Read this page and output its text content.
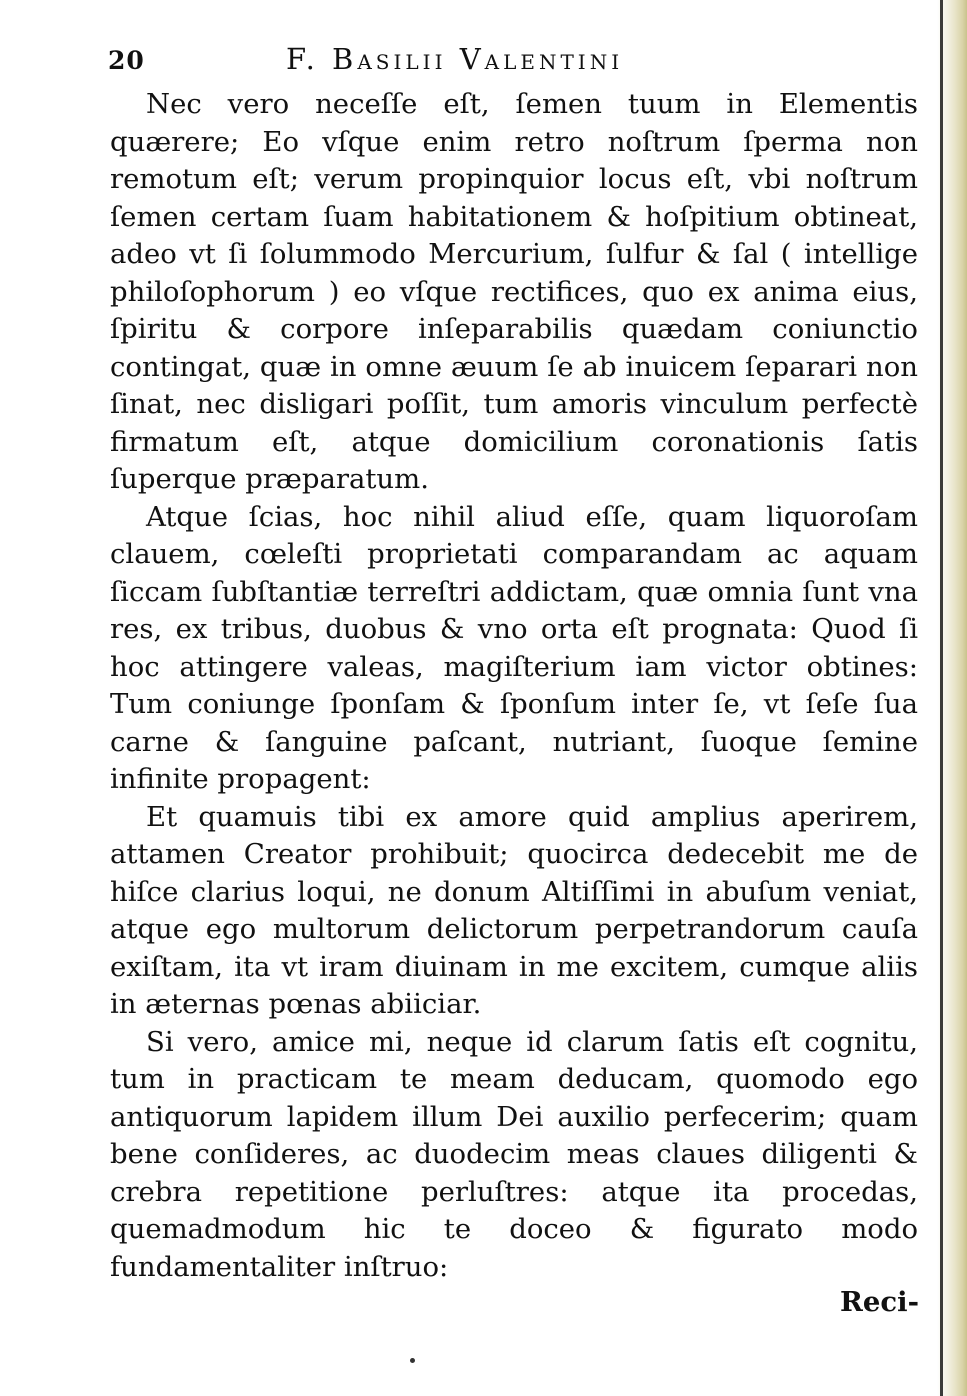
20	F. Basilii Valentini

Nec vero neceſſe eſt, ſemen tuum in Elementis quærere; Eo vſque enim retro noſtrum ſperma non remotum eſt; verum propinquior locus eſt, vbi noſtrum ſemen certam ſuam habitationem & hoſpitium obtineat, adeo vt ſi ſolummodo Mercurium, ſulfur & ſal ( intellige philoſophorum ) eo vſque rectifices, quo ex anima eius, ſpiritu & corpore inſeparabilis quædam coniunctio contingat, quæ in omne æuum ſe ab inuicem ſeparari non ſinat, nec disligari poſſit, tum amoris vinculum perfectè firmatum eſt, atque domicilium coronationis ſatis ſuperque præparatum.

Atque ſcias, hoc nihil aliud eſſe, quam liquoroſam clauem, cœleſti proprietati comparandam ac aquam ſiccam ſubſtantiæ terreſtri addictam, quæ omnia ſunt vna res, ex tribus, duobus & vno orta eſt prognata: Quod ſi hoc attingere valeas, magiſterium iam victor obtines: Tum coniunge ſponſam & ſponſum inter ſe, vt ſeſe ſua carne & ſanguine paſcant, nutriant, ſuoque ſemine infinite propagent:

Et quamuis tibi ex amore quid amplius aperirem, attamen Creator prohibuit; quocirca dedecebit me de hiſce clarius loqui, ne donum Altiſſimi in abuſum veniat, atque ego multorum delictorum perpetrandorum cauſa exiſtam, ita vt iram diuinam in me excitem, cumque aliis in æternas pœnas abiiciar.

Si vero, amice mi, neque id clarum ſatis eſt cognitu, tum in practicam te meam deducam, quomodo ego antiquorum lapidem illum Dei auxilio perfecerim; quam bene conſideres, ac duodecim meas claues diligenti & crebra repetitione perluſtres: atque ita procedas, quemadmodum hic te doceo & figurato modo fundamentaliter inſtruo:

Reci-
